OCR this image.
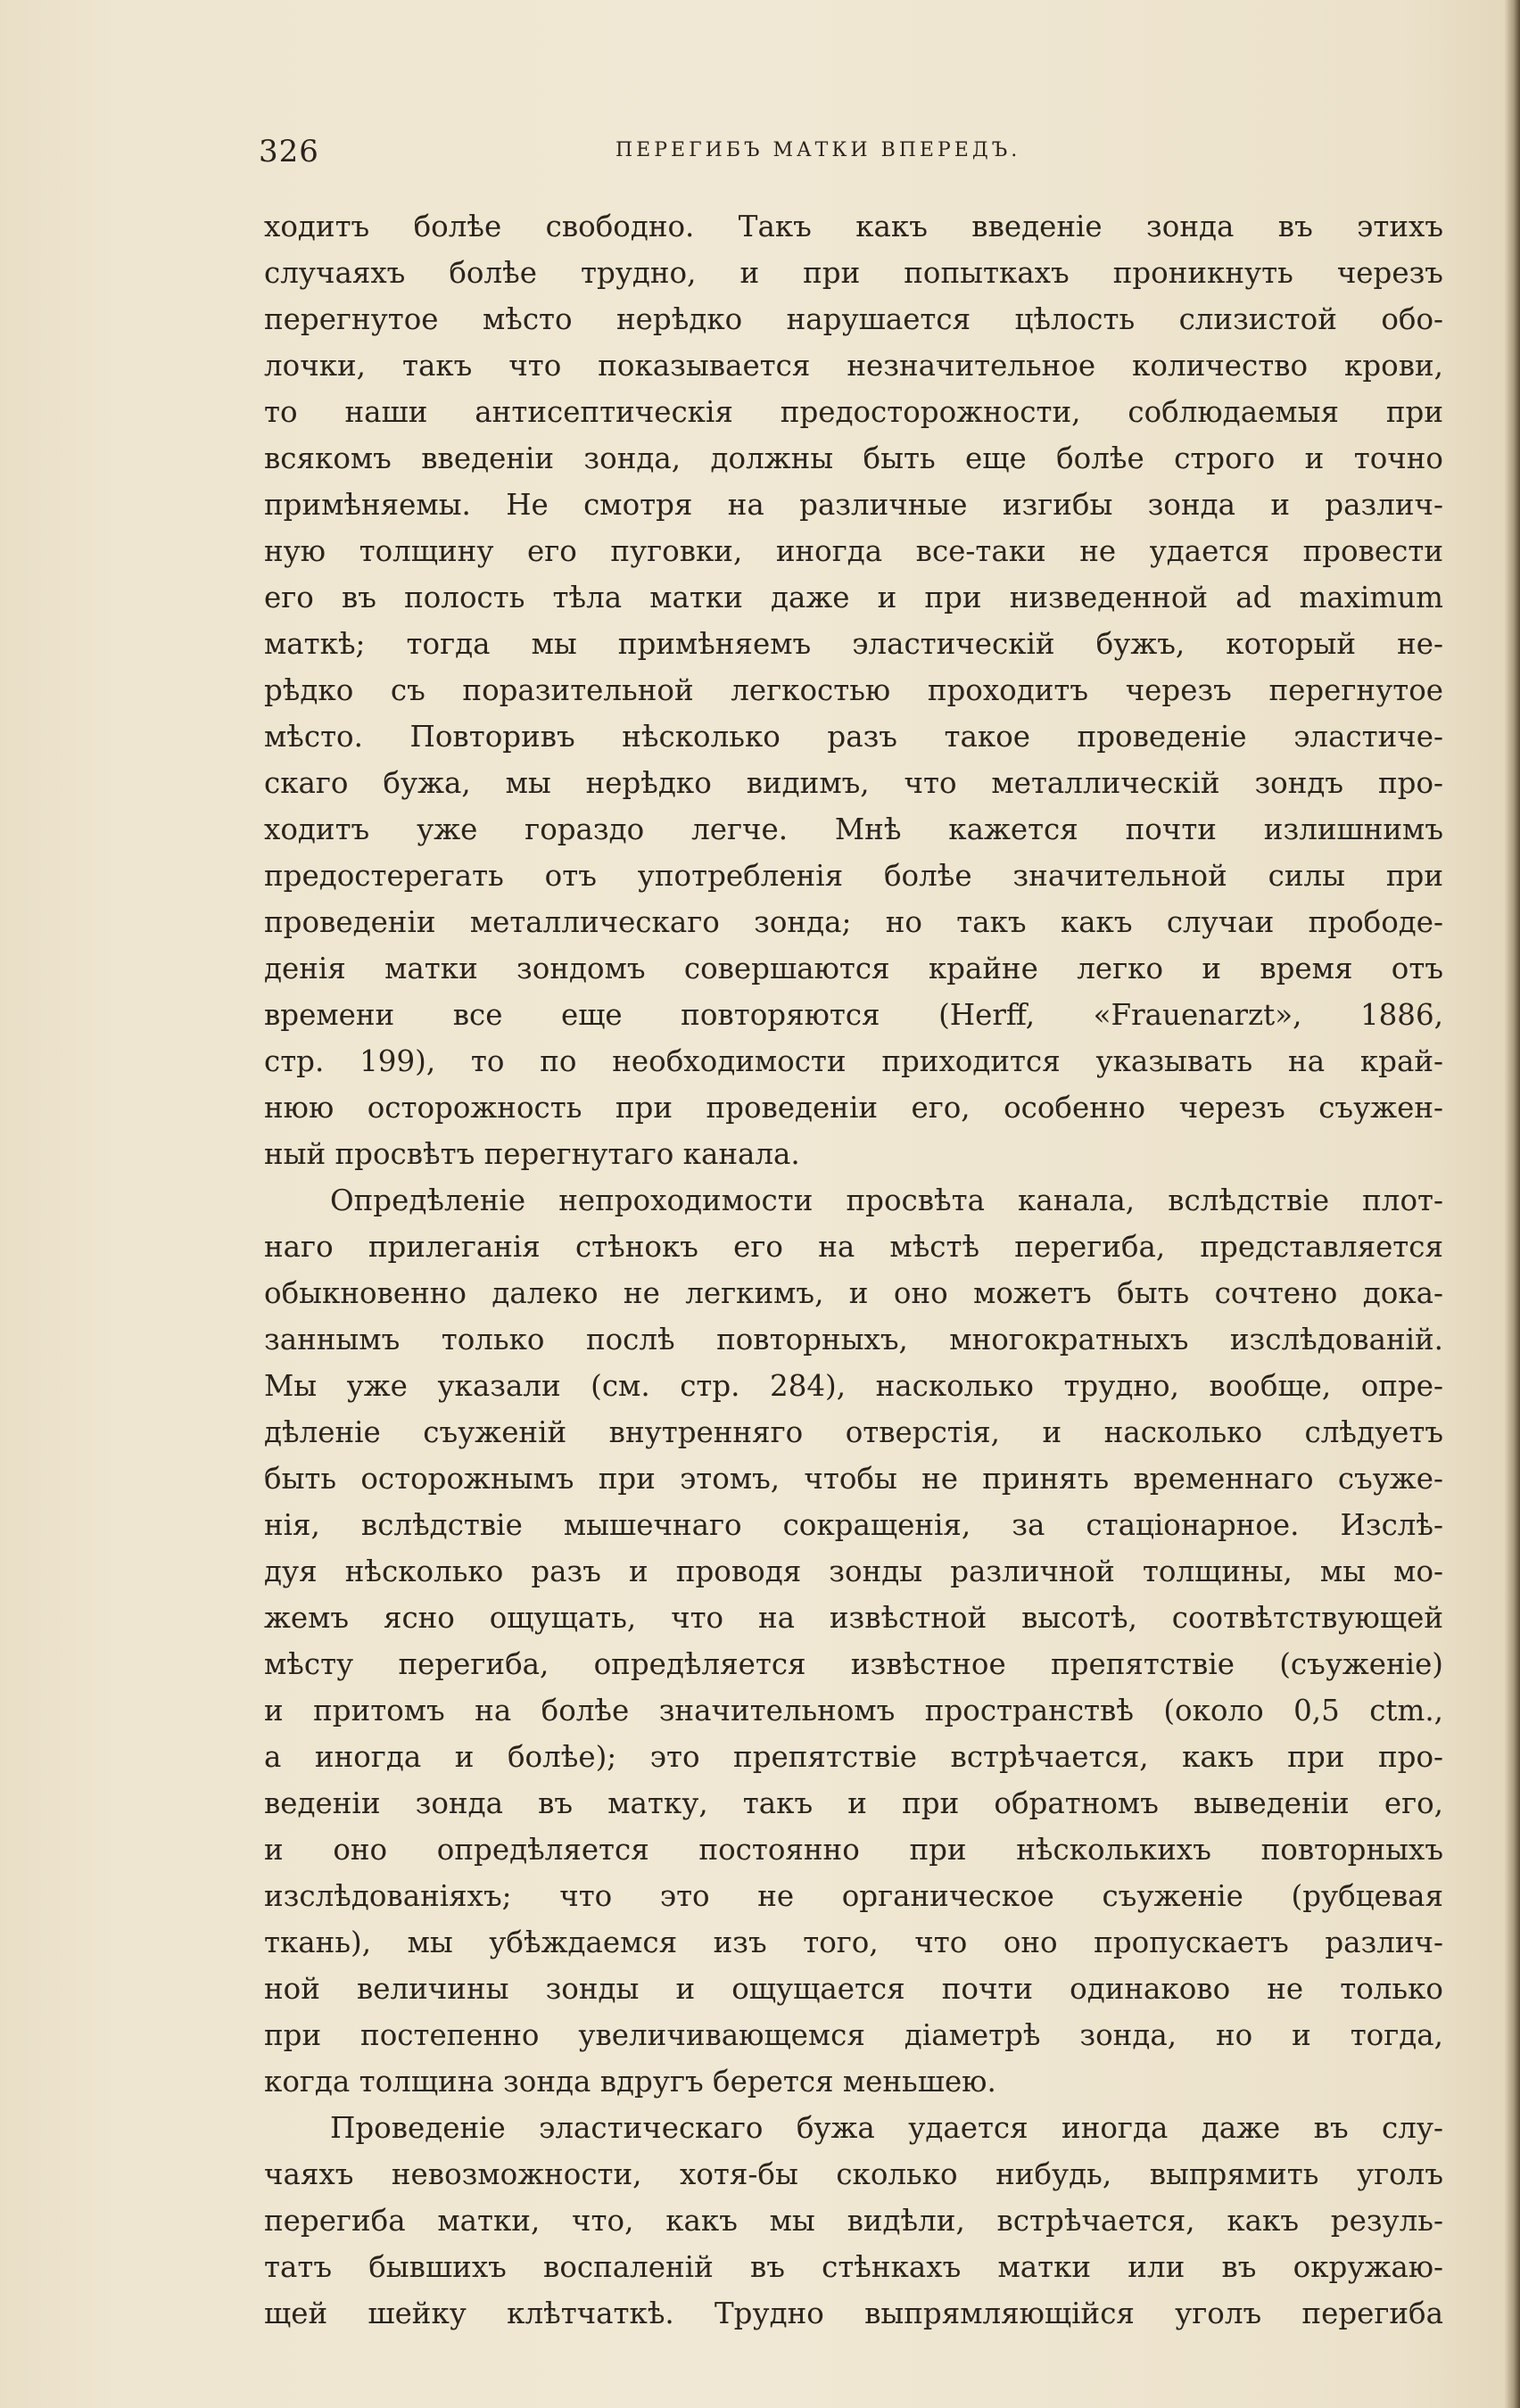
326	ПЕРЕГИБЪ МАТКИ ВПЕРЕДЪ.
ходитъ болѣе свободно. Такъ какъ введеніе зонда въ этихъ
случаяхъ болѣе трудно, и при попыткахъ проникнуть черезъ
перегнутое мѣсто нерѣдко нарушается цѣлость слизистой обо-
лочки, такъ что показывается незначительное количество крови,
то наши антисептическія предосторожности, соблюдаемыя при
всякомъ введеніи зонда, должны быть еще болѣе строго и точно
примѣняемы. Не смотря на различные изгибы зонда и различ-
ную толщину его пуговки, иногда все-таки не удается провести
его въ полость тѣла матки даже и при низведенной ad maximum
маткѣ; тогда мы примѣняемъ эластическій бужъ, который не-
рѣдко съ поразительной легкостью проходитъ черезъ перегнутое
мѣсто. Повторивъ нѣсколько разъ такое проведеніе эластиче-
скаго бужа, мы нерѣдко видимъ, что металлическій зондъ про-
ходитъ уже гораздо легче. Мнѣ кажется почти излишнимъ
предостерегать отъ употребленія болѣе значительной силы при
проведеніи металлическаго зонда; но такъ какъ случаи прободе-
денія матки зондомъ совершаются крайне легко и время отъ
времени все еще повторяются (Herff, «Frauenarzt», 1886,
стр. 199), то по необходимости приходится указывать на край-
нюю осторожность при проведеніи его, особенно черезъ съужен-
ный просвѣтъ перегнутаго канала.
Опредѣленіе непроходимости просвѣта канала, вслѣдствіе плот-
наго прилеганія стѣнокъ его на мѣстѣ перегиба, представляется
обыкновенно далеко не легкимъ, и оно можетъ быть сочтено дока-
заннымъ только послѣ повторныхъ, многократныхъ изслѣдованій.
Мы уже указали (см. стр. 284), насколько трудно, вообще, опре-
дѣленіе съуженій внутренняго отверстія, и насколько слѣдуетъ
быть осторожнымъ при этомъ, чтобы не принять временнаго съуже-
нія, вслѣдствіе мышечнаго сокращенія, за стаціонарное. Изслѣ-
дуя нѣсколько разъ и проводя зонды различной толщины, мы мо-
жемъ ясно ощущать, что на извѣстной высотѣ, соотвѣтствующей
мѣсту перегиба, опредѣляется извѣстное препятствіе (съуженіе)
и притомъ на болѣе значительномъ пространствѣ (около 0,5 ctm.,
а иногда и болѣе); это препятствіе встрѣчается, какъ при про-
веденіи зонда въ матку, такъ и при обратномъ выведеніи его,
и оно опредѣляется постоянно при нѣсколькихъ повторныхъ
изслѣдованіяхъ; что это не органическое съуженіе (рубцевая
ткань), мы убѣждаемся изъ того, что оно пропускаетъ различ-
ной величины зонды и ощущается почти одинаково не только
при постепенно увеличивающемся діаметрѣ зонда, но и тогда,
когда толщина зонда вдругъ берется меньшею.
Проведеніе эластическаго бужа удается иногда даже въ слу-
чаяхъ невозможности, хотя-бы сколько нибудь, выпрямить уголъ
перегиба матки, что, какъ мы видѣли, встрѣчается, какъ резуль-
татъ бывшихъ воспаленій въ стѣнкахъ матки или въ окружаю-
щей шейку клѣтчаткѣ. Трудно выпрямляющійся уголъ перегиба
